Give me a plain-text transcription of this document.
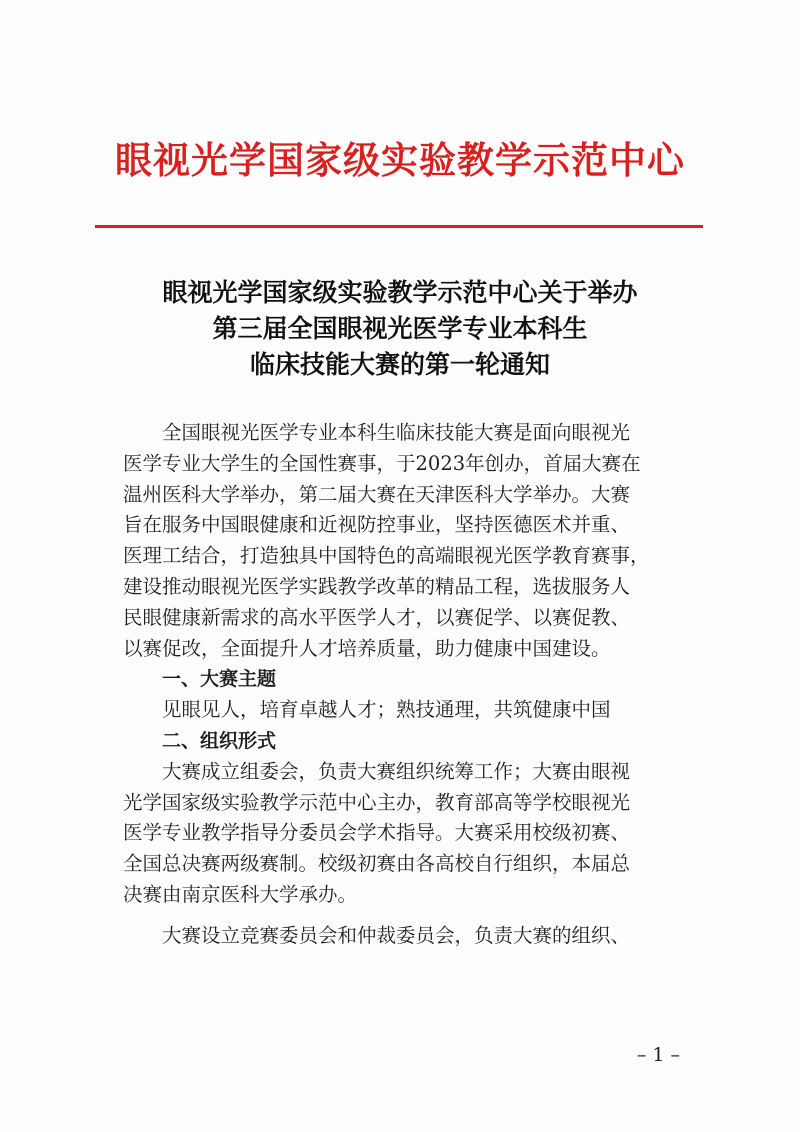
眼视光学国家级实验教学示范中心
眼视光学国家级实验教学示范中心关于举办
第三届全国眼视光医学专业本科生
临床技能大赛的第一轮通知
全国眼视光医学专业本科生临床技能大赛是面向眼视光
医学专业大学生的全国性赛事，于2023年创办，首届大赛在
温州医科大学举办，第二届大赛在天津医科大学举办。大赛
旨在服务中国眼健康和近视防控事业，坚持医德医术并重、
医理工结合，打造独具中国特色的高端眼视光医学教育赛事，
建设推动眼视光医学实践教学改革的精品工程，选拔服务人
民眼健康新需求的高水平医学人才，以赛促学、以赛促教、
以赛促改，全面提升人才培养质量，助力健康中国建设。
一、大赛主题
见眼见人，培育卓越人才；熟技通理，共筑健康中国
二、组织形式
大赛成立组委会，负责大赛组织统筹工作；大赛由眼视
光学国家级实验教学示范中心主办，教育部高等学校眼视光
医学专业教学指导分委员会学术指导。大赛采用校级初赛、
全国总决赛两级赛制。校级初赛由各高校自行组织，本届总
决赛由南京医科大学承办。
大赛设立竞赛委员会和仲裁委员会，负责大赛的组织、
– 1 –
